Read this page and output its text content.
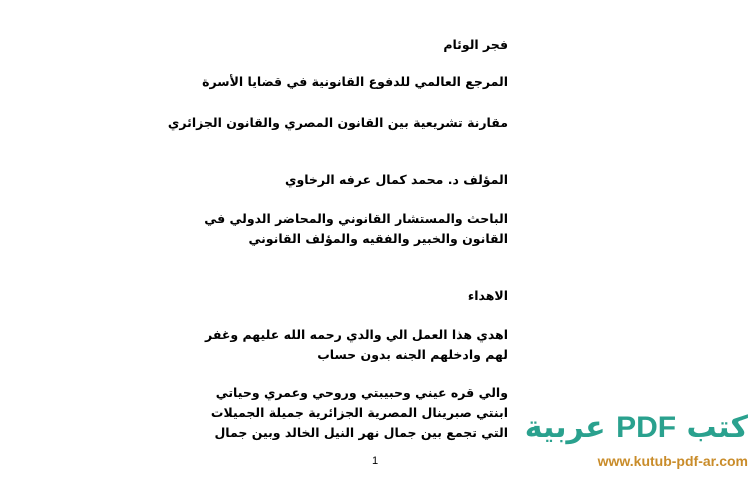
فجر الوئام
المرجع العالمي للدفوع القانونية في قضايا الأسرة
مقارنة تشريعية بين القانون المصري والقانون الجزائري
المؤلف د. محمد كمال عرفه الرخاوي
الباحث والمستشار القانوني والمحاضر الدولي في
القانون والخبير والفقيه والمؤلف القانوني
الاهداء
اهدي هذا العمل الي والدي رحمه الله عليهم وغفر
لهم وادخلهم الجنه بدون حساب
والي قره عيني وحبيبتي وروحي وعمري وحياتي
ابنتي صبرينال المصرية الجزائرية جميلة الجميلات
التي تجمع بين جمال نهر النيل الخالد وبين جمال
1
كتب PDF عربية
www.kutub-pdf-ar.com
